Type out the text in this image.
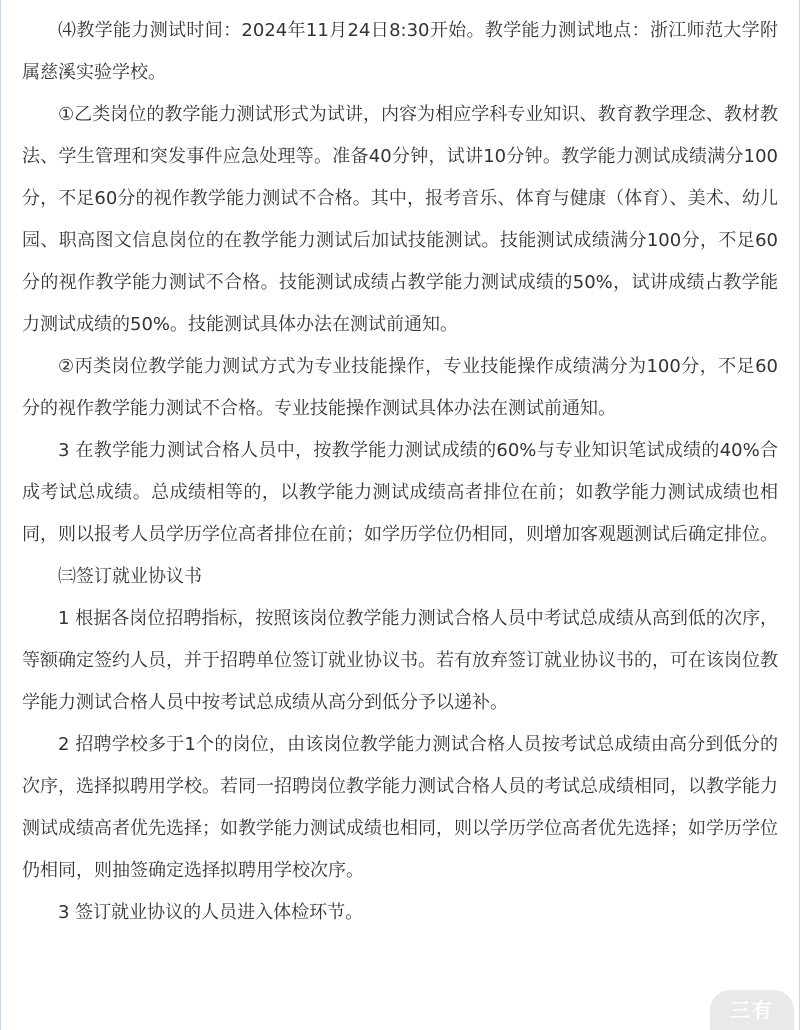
⑷教学能力测试时间：2024年11月24日8:30开始。教学能力测试地点：浙江师范大学附属慈溪实验学校。

①乙类岗位的教学能力测试形式为试讲，内容为相应学科专业知识、教育教学理念、教材教法、学生管理和突发事件应急处理等。准备40分钟，试讲10分钟。教学能力测试成绩满分100分，不足60分的视作教学能力测试不合格。其中，报考音乐、体育与健康（体育）、美术、幼儿园、职高图文信息岗位的在教学能力测试后加试技能测试。技能测试成绩满分100分，不足60分的视作教学能力测试不合格。技能测试成绩占教学能力测试成绩的50%，试讲成绩占教学能力测试成绩的50%。技能测试具体办法在测试前通知。

②丙类岗位教学能力测试方式为专业技能操作，专业技能操作成绩满分为100分，不足60分的视作教学能力测试不合格。专业技能操作测试具体办法在测试前通知。

3 在教学能力测试合格人员中，按教学能力测试成绩的60%与专业知识笔试成绩的40%合成考试总成绩。总成绩相等的，以教学能力测试成绩高者排位在前；如教学能力测试成绩也相同，则以报考人员学历学位高者排位在前；如学历学位仍相同，则增加客观题测试后确定排位。

㈢签订就业协议书

1 根据各岗位招聘指标，按照该岗位教学能力测试合格人员中考试总成绩从高到低的次序，等额确定签约人员，并于招聘单位签订就业协议书。若有放弃签订就业协议书的，可在该岗位教学能力测试合格人员中按考试总成绩从高分到低分予以递补。

2 招聘学校多于1个的岗位，由该岗位教学能力测试合格人员按考试总成绩由高分到低分的次序，选择拟聘用学校。若同一招聘岗位教学能力测试合格人员的考试总成绩相同，以教学能力测试成绩高者优先选择；如教学能力测试成绩也相同，则以学历学位高者优先选择；如学历学位仍相同，则抽签确定选择拟聘用学校次序。

3 签订就业协议的人员进入体检环节。

三有
